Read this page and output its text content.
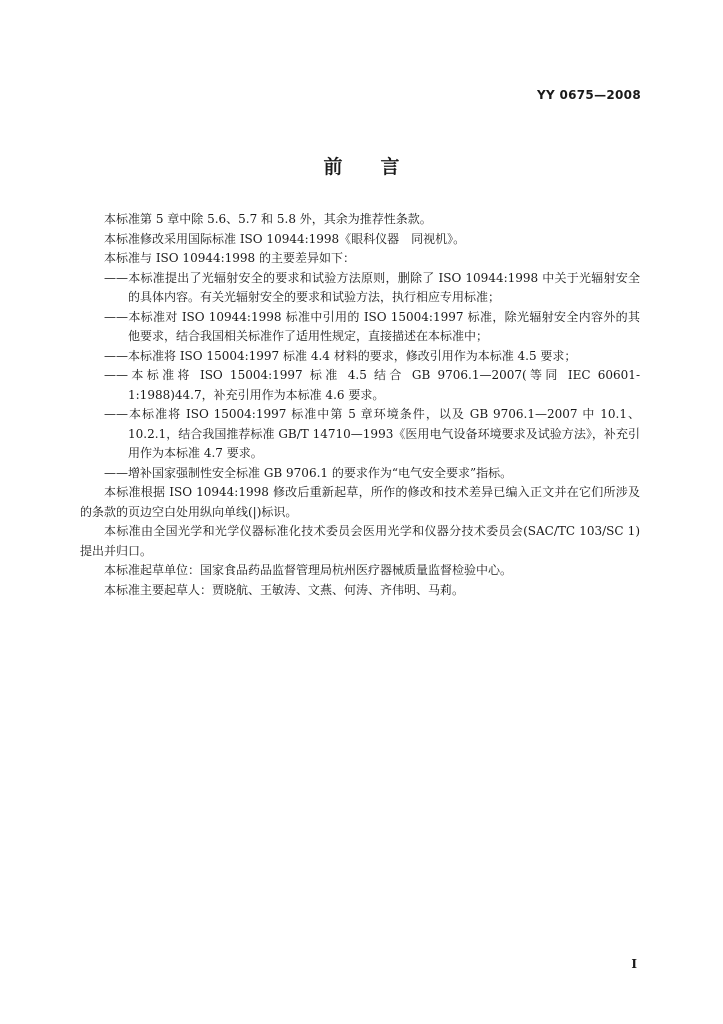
YY 0675—2008
前言

本标准第 5 章中除 5.6、5.7 和 5.8 外，其余为推荐性条款。

本标准修改采用国际标准 ISO 10944:1998《眼科仪器　同视机》。

本标准与 ISO 10944:1998 的主要差异如下：

——本标准提出了光辐射安全的要求和试验方法原则，删除了 ISO 10944:1998 中关于光辐射安全的具体内容。有关光辐射安全的要求和试验方法，执行相应专用标准；

——本标准对 ISO 10944:1998 标准中引用的 ISO 15004:1997 标准，除光辐射安全内容外的其他要求，结合我国相关标准作了适用性规定，直接描述在本标准中；

——本标准将 ISO 15004:1997 标准 4.4 材料的要求，修改引用作为本标准 4.5 要求；

——本标准将 ISO 15004:1997 标准 4.5 结合 GB 9706.1—2007(等同 IEC 60601-1:1988)44.7，补充引用作为本标准 4.6 要求。

——本标准将 ISO 15004:1997 标准中第 5 章环境条件，以及 GB 9706.1—2007 中 10.1、10.2.1，结合我国推荐标准 GB/T 14710—1993《医用电气设备环境要求及试验方法》，补充引用作为本标准 4.7 要求。

——增补国家强制性安全标准 GB 9706.1 的要求作为“电气安全要求”指标。

本标准根据 ISO 10944:1998 修改后重新起草，所作的修改和技术差异已编入正文并在它们所涉及的条款的页边空白处用纵向单线(|)标识。

本标准由全国光学和光学仪器标准化技术委员会医用光学和仪器分技术委员会(SAC/TC 103/SC 1)提出并归口。

本标准起草单位：国家食品药品监督管理局杭州医疗器械质量监督检验中心。

本标准主要起草人：贾晓航、王敏涛、文燕、何涛、齐伟明、马莉。

I
